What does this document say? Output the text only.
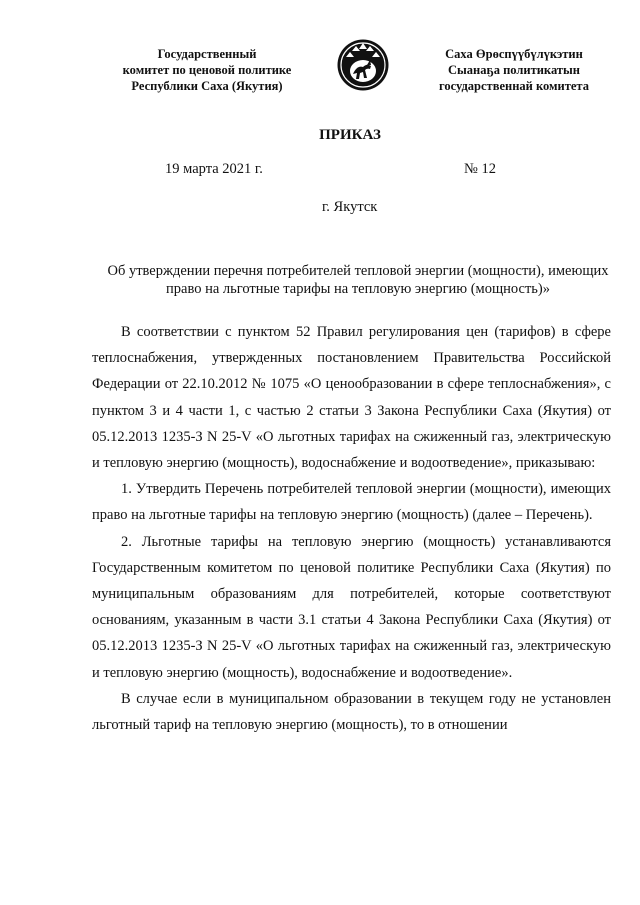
Государственный
комитет по ценовой политике
Республики Саха (Якутия)
Саха Өрөспүүбүлүкэтин
Сыанаҕа политикатын
государственнай комитета
ПРИКАЗ
19 марта 2021 г.	№ 12
г. Якутск
Об утверждении перечня потребителей тепловой энергии (мощности), имеющих право на льготные тарифы на тепловую энергию (мощность)»

В соответствии с пунктом 52 Правил регулирования цен (тарифов) в сфере теплоснабжения, утвержденных постановлением Правительства Российской Федерации от 22.10.2012 № 1075 «О ценообразовании в сфере теплоснабжения», с пунктом 3 и 4 части 1, с частью 2 статьи 3 Закона Республики Саха (Якутия) от 05.12.2013 1235-З N 25-V «О льготных тарифах на сжиженный газ, электрическую и тепловую энергию (мощность), водоснабжение и водоотведение», приказываю:

1. Утвердить Перечень потребителей тепловой энергии (мощности), имеющих право на льготные тарифы на тепловую энергию (мощность) (далее – Перечень).

2. Льготные тарифы на тепловую энергию (мощность) устанавливаются Государственным комитетом по ценовой политике Республики Саха (Якутия) по муниципальным образованиям для потребителей, которые соответствуют основаниям, указанным в части 3.1 статьи 4 Закона Республики Саха (Якутия) от 05.12.2013 1235-З N 25-V «О льготных тарифах на сжиженный газ, электрическую и тепловую энергию (мощность), водоснабжение и водоотведение».

В случае если в муниципальном образовании в текущем году не установлен льготный тариф на тепловую энергию (мощность), то в отношении
